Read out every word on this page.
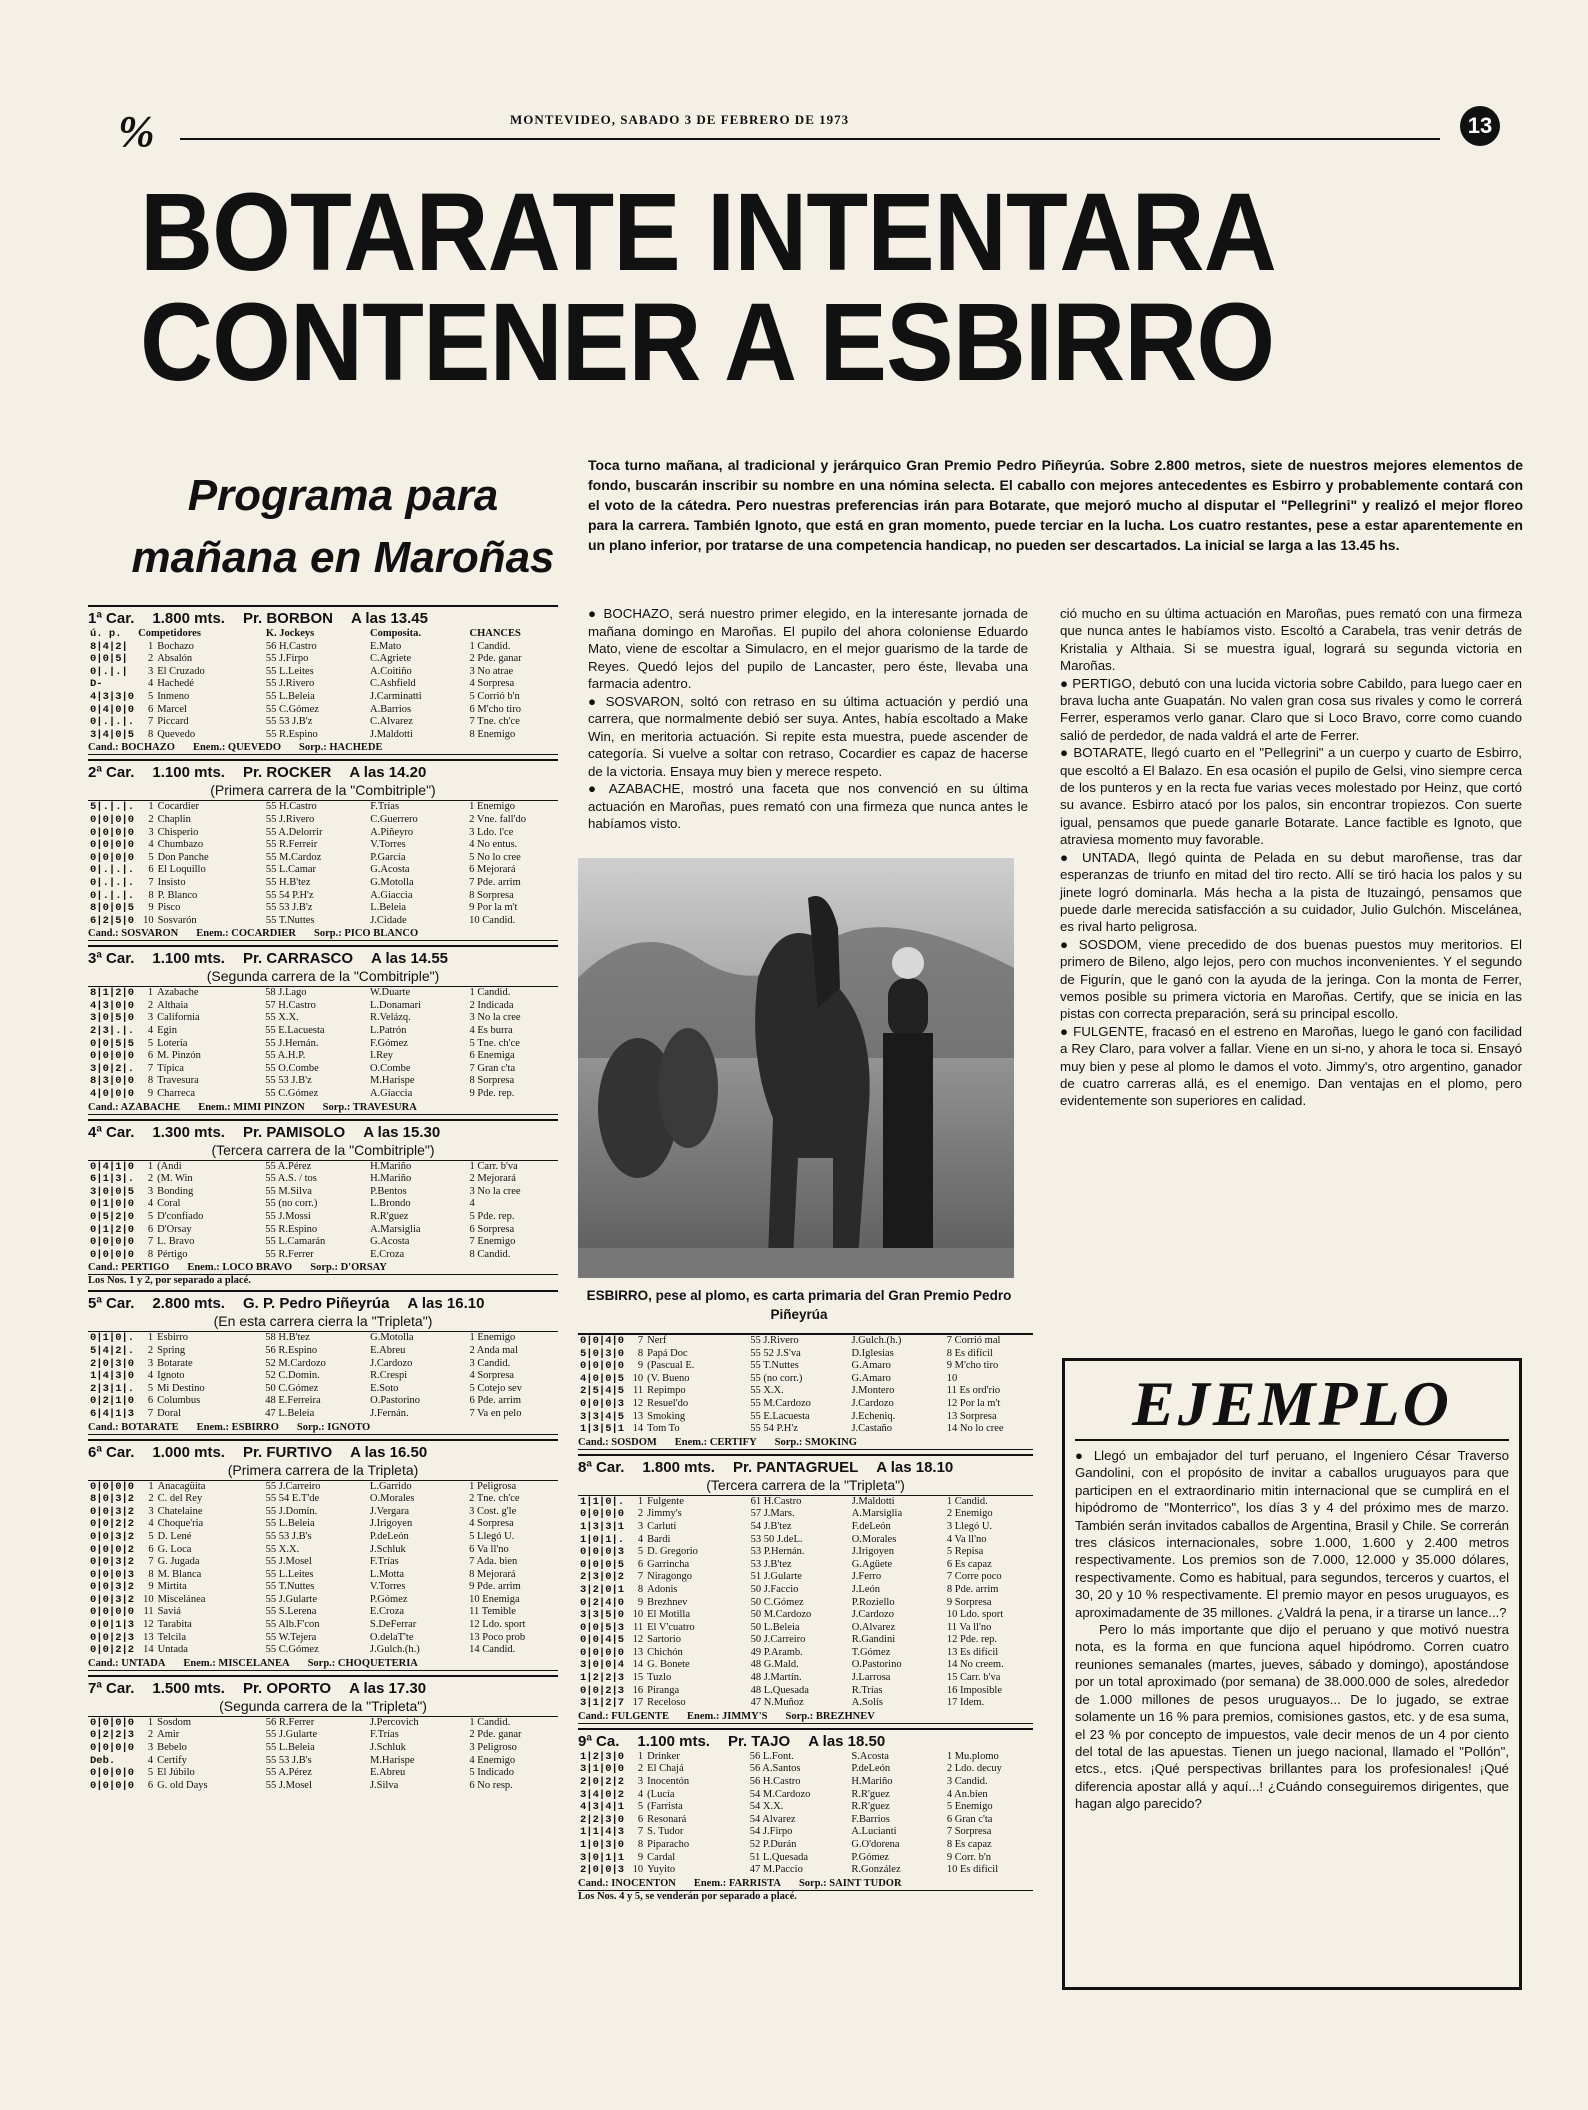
%	MONTEVIDEO, SABADO 3 DE FEBRERO DE 1973	13
BOTARATE INTENTARA
CONTENER A ESBIRRO
Programa para
mañana en Maroñas

Toca turno mañana, al tradicional y jerárquico Gran Premio Pedro Piñeyrúa. Sobre 2.800 metros, siete de nuestros mejores elementos de fondo, buscarán inscribir su nombre en una nómina selecta. El caballo con mejores antecedentes es Esbirro y probablemente contará con el voto de la cátedra. Pero nuestras preferencias irán para Botarate, que mejoró mucho al disputar el "Pellegrini" y realizó el mejor floreo para la carrera. También Ignoto, que está en gran momento, puede terciar en la lucha. Los cuatro restantes, pese a estar aparentemente en un plano inferior, por tratarse de una competencia handicap, no pueden ser descartados. La inicial se larga a las 13.45 hs.

1ª Car. 1.800 mts. Pr. BORBON A las 13.45
ú. p.	Competidores		K. Jockeys	Composita.	CHANCES
8|4|2|	1	Bochazo	56 H.Castro	E.Mato	1 Candid.
0|0|5|	2	Absalón	55 J.Firpo	C.Agriete	2 Pde. ganar
0|.|.|	3	El Cruzado	55 L.Leites	A.Coitiño	3 No atrae
D-	4	Hachedé	55 J.Rivero	C.Ashfield	4 Sorpresa
4|3|3|0	5	Inmeno	55 L.Beleia	J.Carminatti	5 Corrió b'n
0|4|0|0	6	Marcel	55 C.Gómez	A.Barrios	6 M'cho tiro
0|.|.|.	7	Piccard	55 53 J.B'z	C.Alvarez	7 Tne. ch'ce
3|4|0|5	8	Quevedo	55 R.Espino	J.Maldotti	8 Enemigo
Cand.: BOCHAZO Enem.: QUEVEDO Sorp.: HACHEDE
2ª Car. 1.100 mts. Pr. ROCKER A las 14.20
(Primera carrera de la "Combitriple")
5|.|.|.	1	Cocardier	55 H.Castro	F.Trías	1 Enemigo
0|0|0|0	2	Chaplin	55 J.Rivero	C.Guerrero	2 Vne. fall'do
0|0|0|0	3	Chisperio	55 A.Delorrir	A.Piñeyro	3 Ldo. l'ce
0|0|0|0	4	Chumbazo	55 R.Ferreir	V.Torres	4 No entus.
0|0|0|0	5	Don Panche	55 M.Cardoz	P.García	5 No lo cree
0|.|.|.	6	El Loquillo	55 L.Camar	G.Acosta	6 Mejorará
0|.|.|.	7	Insisto	55 H.B'tez	G.Motolla	7 Pde. arrim
0|.|.|.	8	P. Blanco	55 54 P.H'z	A.Giaccia	8 Sorpresa
8|0|0|5	9	Pisco	55 53 J.B'z	L.Beleia	9 Por la m't
6|2|5|0	10	Sosvarón	55 T.Nuttes	J.Cidade	10 Candid.
Cand.: SOSVARON Enem.: COCARDIER Sorp.: PICO BLANCO
3ª Car. 1.100 mts. Pr. CARRASCO A las 14.55
(Segunda carrera de la "Combitriple")
8|1|2|0	1	Azabache	58 J.Lago	W.Duarte	1 Candid.
4|3|0|0	2	Althaia	57 H.Castro	L.Donamari	2 Indicada
3|0|5|0	3	California	55 X.X.	R.Velázq.	3 No la cree
2|3|.|.	4	Egin	55 E.Lacuesta	L.Patrón	4 Es burra
0|0|5|5	5	Lotería	55 J.Hernán.	F.Gómez	5 Tne. ch'ce
0|0|0|0	6	M. Pinzón	55 A.H.P.	I.Rey	6 Enemiga
3|0|2|.	7	Típica	55 O.Combe	O.Combe	7 Gran c'ta
8|3|0|0	8	Travesura	55 53 J.B'z	M.Harispe	8 Sorpresa
4|0|0|0	9	Charreca	55 C.Gómez	A.Giaccia	9 Pde. rep.
Cand.: AZABACHE Enem.: MIMI PINZON Sorp.: TRAVESURA
4ª Car. 1.300 mts. Pr. PAMISOLO A las 15.30
(Tercera carrera de la "Combitriple")
0|4|1|0	1	(Andi	55 A.Pérez	H.Mariño	1 Carr. b'va
6|1|3|.	2	(M. Win	55 A.S. / tos	H.Mariño	2 Mejorará
3|0|0|5	3	Bonding	55 M.Silva	P.Bentos	3 No la cree
0|1|0|0	4	Coral	55 (no corr.)	L.Brondo	4
0|5|2|0	5	D'confiado	55 J.Mossi	R.R'guez	5 Pde. rep.
0|1|2|0	6	D'Orsay	55 R.Espino	A.Marsiglia	6 Sorpresa
0|0|0|0	7	L. Bravo	55 L.Camarán	G.Acosta	7 Enemigo
0|0|0|0	8	Pértigo	55 R.Ferrer	E.Croza	8 Candid.
Cand.: PERTIGO Enem.: LOCO BRAVO Sorp.: D'ORSAY
Los Nos. 1 y 2, por separado a placé.
5ª Car. 2.800 mts. G. P. Pedro Piñeyrúa A las 16.10
(En esta carrera cierra la "Tripleta")
0|1|0|.	1	Esbirro	58 H.B'tez	G.Motolla	1 Enemigo
5|4|2|.	2	Spring	56 R.Espino	E.Abreu	2 Anda mal
2|0|3|0	3	Botarate	52 M.Cardozo	J.Cardozo	3 Candid.
1|4|3|0	4	Ignoto	52 C.Domin.	R.Crespi	4 Sorpresa
2|3|1|.	5	Mi Destino	50 C.Gómez	E.Soto	5 Cotejo sev
0|2|1|0	6	Columbus	48 E.Ferreira	O.Pastorino	6 Pde. arrim
6|4|1|3	7	Doral	47 L.Beleia	J.Fernán.	7 Va en pelo
Cand.: BOTARATE Enem.: ESBIRRO Sorp.: IGNOTO
6ª Car. 1.000 mts. Pr. FURTIVO A las 16.50
(Primera carrera de la Tripleta)
0|0|0|0	1	Anacagüita	55 J.Carreiro	L.Garrido	1 Peligrosa
8|0|3|2	2	C. del Rey	55 54 E.T'de	O.Morales	2 Tne. ch'ce
0|0|3|2	3	Chatelaine	55 J.Domín.	J.Vergara	3 Cost. g'le
0|0|2|2	4	Choque'ria	55 L.Beleia	J.Irigoyen	4 Sorpresa
0|0|3|2	5	D. Lené	55 53 J.B's	P.deLeón	5 Llegó U.
0|0|0|2	6	G. Loca	55 X.X.	J.Schluk	6 Va ll'no
0|0|3|2	7	G. Jugada	55 J.Mosel	F.Trías	7 Ada. bien
0|0|0|3	8	M. Blanca	55 L.Leites	L.Motta	8 Mejorará
0|0|3|2	9	Mirtita	55 T.Nuttes	V.Torres	9 Pde. arrim
0|0|3|2	10	Miscelánea	55 J.Gularte	P.Gómez	10 Enemiga
0|0|0|0	11	Saviá	55 S.Lerena	E.Croza	11 Temible
0|0|1|3	12	Tarabita	55 Alb.F'con	S.DeFerrar	12 Ldo. sport
0|0|2|3	13	Telcila	55 W.Tejera	O.delaT'te	13 Poco prob
0|0|2|2	14	Untada	55 C.Gómez	J.Gulch.(h.)	14 Candid.
Cand.: UNTADA Enem.: MISCELANEA Sorp.: CHOQUETERIA
7ª Car. 1.500 mts. Pr. OPORTO A las 17.30
(Segunda carrera de la "Tripleta")
0|0|0|0	1	Sosdom	56 R.Ferrer	J.Percovich	1 Candid.
0|2|2|3	2	Amir	55 J.Gularte	F.Trías	2 Pde. ganar
0|0|0|0	3	Bebelo	55 L.Beleia	J.Schluk	3 Peligroso
Deb.	4	Certify	55 53 J.B's	M.Harispe	4 Enemigo
0|0|0|0	5	El Júbilo	55 A.Pérez	E.Abreu	5 Indicado
0|0|0|0	6	G. old Days	55 J.Mosel	J.Silva	6 No resp.

● BOCHAZO, será nuestro primer elegido, en la interesante jornada de mañana domingo en Maroñas. El pupilo del ahora coloniense Eduardo Mato, viene de escoltar a Simulacro, en el mejor guarismo de la tarde de Reyes. Quedó lejos del pupilo de Lancaster, pero éste, llevaba una farmacia adentro.

● SOSVARON, soltó con retraso en su última actuación y perdió una carrera, que normalmente debió ser suya. Antes, había escoltado a Make Win, en meritoria actuación. Si repite esta muestra, puede ascender de categoría. Si vuelve a soltar con retraso, Cocardier es capaz de hacerse de la victoria. Ensaya muy bien y merece respeto.

● AZABACHE, mostró una faceta que nos convenció en su última actuación en Maroñas, pues remató con una firmeza que nunca antes le habíamos visto.

ESBIRRO, pese al plomo, es carta primaria del Gran Premio Pedro Piñeyrúa

ció mucho en su última actuación en Maroñas, pues remató con una firmeza que nunca antes le habíamos visto. Escoltó a Carabela, tras venir detrás de Kristalia y Althaia. Si se muestra igual, logrará su segunda victoria en Maroñas.

● PERTIGO, debutó con una lucida victoria sobre Cabildo, para luego caer en brava lucha ante Guapatán. No valen gran cosa sus rivales y como le correrá Ferrer, esperamos verlo ganar. Claro que si Loco Bravo, corre como cuando salió de perdedor, de nada valdrá el arte de Ferrer.

● BOTARATE, llegó cuarto en el "Pellegrini" a un cuerpo y cuarto de Esbirro, que escoltó a El Balazo. En esa ocasión el pupilo de Gelsi, vino siempre cerca de los punteros y en la recta fue varias veces molestado por Heinz, que cortó su avance. Esbirro atacó por los palos, sin encontrar tropiezos. Con suerte igual, pensamos que puede ganarle Botarate. Lance factible es Ignoto, que atraviesa momento muy favorable.

● UNTADA, llegó quinta de Pelada en su debut maroñense, tras dar esperanzas de triunfo en mitad del tiro recto. Allí se tiró hacia los palos y su jinete logró dominarla. Más hecha a la pista de Ituzaingó, pensamos que puede darle merecida satisfacción a su cuidador, Julio Gulchón. Miscelánea, es rival harto peligrosa.

● SOSDOM, viene precedido de dos buenas puestos muy meritorios. El primero de Bileno, algo lejos, pero con muchos inconvenientes. Y el segundo de Figurín, que le ganó con la ayuda de la jeringa. Con la monta de Ferrer, vemos posible su primera victoria en Maroñas. Certify, que se inicia en las pistas con correcta preparación, será su principal escollo.

● FULGENTE, fracasó en el estreno en Maroñas, luego le ganó con facilidad a Rey Claro, para volver a fallar. Viene en un si-no, y ahora le toca si. Ensayó muy bien y pese al plomo le damos el voto. Jimmy's, otro argentino, ganador de cuatro carreras allá, es el enemigo. Dan ventajas en el plomo, pero evidentemente son superiores en calidad.

0|0|4|0	7	Nerf	55 J.Rivero	J.Gulch.(h.)	7 Corrió mal
5|0|3|0	8	Papá Doc	55 52 J.S'va	D.Iglesias	8 Es difícil
0|0|0|0	9	(Pascual E.	55 T.Nuttes	G.Amaro	9 M'cho tiro
4|0|0|5	10	(V. Bueno	55 (no corr.)	G.Amaro	10
2|5|4|5	11	Repimpo	55 X.X.	J.Montero	11 Es ord'rio
0|0|0|3	12	Resuel'do	55 M.Cardozo	J.Cardozo	12 Por la m't
3|3|4|5	13	Smoking	55 E.Lacuesta	J.Echeniq.	13 Sorpresa
1|3|5|1	14	Tom To	55 54 P.H'z	J.Castaño	14 No lo cree
Cand.: SOSDOM Enem.: CERTIFY Sorp.: SMOKING
8ª Car. 1.800 mts. Pr. PANTAGRUEL A las 18.10
(Tercera carrera de la "Tripleta")
1|1|0|.	1	Fulgente	61 H.Castro	J.Maldotti	1 Candid.
0|0|0|0	2	Jimmy's	57 J.Mars.	A.Marsiglia	2 Enemigo
1|3|3|1	3	Carlutí	54 J.B'tez	F.deLeón	3 Llegó U.
1|0|1|.	4	Bardi	53 50 J.deL.	O.Morales	4 Va ll'no
0|0|0|3	5	D. Gregorio	53 P.Hernán.	J.Irigoyen	5 Repisa
0|0|0|5	6	Garrincha	53 J.B'tez	G.Agüete	6 Es capaz
2|3|0|2	7	Niragongo	51 J.Gularte	J.Ferro	7 Corre poco
3|2|0|1	8	Adonis	50 J.Faccio	J.León	8 Pde. arrim
0|2|4|0	9	Brezhnev	50 C.Gómez	P.Roziello	9 Sorpresa
3|3|5|0	10	El Motilla	50 M.Cardozo	J.Cardozo	10 Ldo. sport
0|0|5|3	11	El V'cuatro	50 L.Beleia	O.Alvarez	11 Va ll'no
0|0|4|5	12	Sartorio	50 J.Carreiro	R.Gandini	12 Pde. rep.
0|0|0|0	13	Chichón	49 P.Aramb.	T.Gómez	13 Es difícil
3|0|0|4	14	G. Bonete	48 G.Mald.	O.Pastorino	14 No creem.
1|2|2|3	15	Tuzlo	48 J.Martín.	J.Larrosa	15 Carr. b'va
0|0|2|3	16	Piranga	48 L.Quesada	R.Trías	16 Imposible
3|1|2|7	17	Receloso	47 N.Muñoz	A.Solís	17 Idem.
Cand.: FULGENTE Enem.: JIMMY'S Sorp.: BREZHNEV
9ª Ca. 1.100 mts. Pr. TAJO A las 18.50
1|2|3|0	1	Drinker	56 L.Font.	S.Acosta	1 Mu.plomo
3|1|0|0	2	El Chajá	56 A.Santos	P.deLeón	2 Ldo. decuy
2|0|2|2	3	Inocentón	56 H.Castro	H.Mariño	3 Candid.
3|4|0|2	4	(Lucía	54 M.Cardozo	R.R'guez	4 An.bien
4|3|4|1	5	(Farrista	54 X.X.	R.R'guez	5 Enemigo
2|2|3|0	6	Resonará	54 Alvarez	F.Barrios	6 Gran c'ta
1|1|4|3	7	S. Tudor	54 J.Firpo	A.Lucianti	7 Sorpresa
1|0|3|0	8	Piparacho	52 P.Durán	G.O'dorena	8 Es capaz
3|0|1|1	9	Cardal	51 L.Quesada	P.Gómez	9 Corr. b'n
2|0|0|3	10	Yuyito	47 M.Paccio	R.González	10 Es difícil
Cand.: INOCENTON Enem.: FARRISTA Sorp.: SAINT TUDOR
Los Nos. 4 y 5, se venderán por separado a placé.
EJEMPLO

● Llegó un embajador del turf peruano, el Ingeniero César Traverso Gandolini, con el propósito de invitar a caballos uruguayos para que participen en el extraordinario mitin internacional que se cumplirá en el hipódromo de "Monterrico", los días 3 y 4 del próximo mes de marzo. También serán invitados caballos de Argentina, Brasil y Chile. Se correrán tres clásicos internacionales, sobre 1.000, 1.600 y 2.400 metros respectivamente. Los premios son de 7.000, 12.000 y 35.000 dólares, respectivamente. Como es habitual, para segundos, terceros y cuartos, el 30, 20 y 10 % respectivamente. El premio mayor en pesos uruguayos, es aproximadamente de 35 millones. ¿Valdrá la pena, ir a tirarse un lance...?

Pero lo más importante que dijo el peruano y que motivó nuestra nota, es la forma en que funciona aquel hipódromo. Corren cuatro reuniones semanales (martes, jueves, sábado y domingo), apostándose por un total aproximado (por semana) de 38.000.000 de soles, alrededor de 1.000 millones de pesos uruguayos... De lo jugado, se extrae solamente un 16 % para premios, comisiones gastos, etc. y de esa suma, el 23 % por concepto de impuestos, vale decir menos de un 4 por ciento del total de las apuestas. Tienen un juego nacional, llamado el "Pollón", etcs., etcs. ¡Qué perspectivas brillantes para los profesionales! ¡Qué diferencia apostar allá y aquí...! ¿Cuándo conseguiremos dirigentes, que hagan algo parecido?
